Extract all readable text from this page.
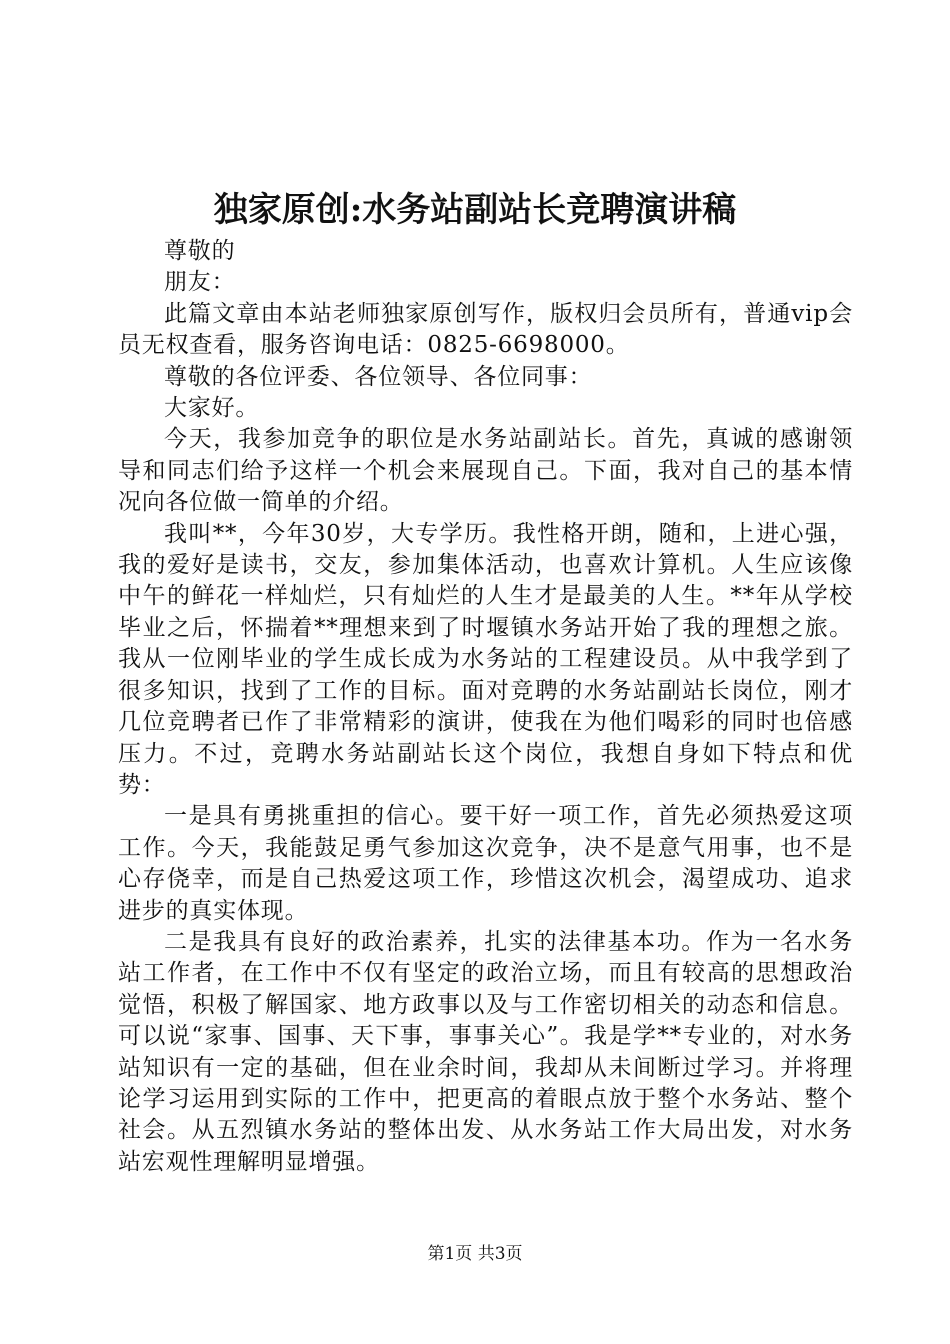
独家原创:水务站副站长竞聘演讲稿

尊敬的

朋友：

此篇文章由本站老师独家原创写作，版权归会员所有，普通vip会员无权查看，服务咨询电话：0825-6698000。

尊敬的各位评委、各位领导、各位同事：

大家好。

今天，我参加竞争的职位是水务站副站长。首先，真诚的感谢领导和同志们给予这样一个机会来展现自己。下面，我对自己的基本情况向各位做一简单的介绍。

我叫**，今年30岁，大专学历。我性格开朗，随和，上进心强，我的爱好是读书，交友，参加集体活动，也喜欢计算机。人生应该像中午的鲜花一样灿烂，只有灿烂的人生才是最美的人生。**年从学校毕业之后，怀揣着**理想来到了时堰镇水务站开始了我的理想之旅。我从一位刚毕业的学生成长成为水务站的工程建设员。从中我学到了很多知识，找到了工作的目标。面对竞聘的水务站副站长岗位，刚才几位竞聘者已作了非常精彩的演讲，使我在为他们喝彩的同时也倍感压力。不过，竞聘水务站副站长这个岗位，我想自身如下特点和优势：

一是具有勇挑重担的信心。要干好一项工作，首先必须热爱这项工作。今天，我能鼓足勇气参加这次竞争，决不是意气用事，也不是心存侥幸，而是自己热爱这项工作，珍惜这次机会，渴望成功、追求进步的真实体现。

二是我具有良好的政治素养，扎实的法律基本功。作为一名水务站工作者，在工作中不仅有坚定的政治立场，而且有较高的思想政治觉悟，积极了解国家、地方政事以及与工作密切相关的动态和信息。可以说“家事、国事、天下事，事事关心”。我是学**专业的，对水务站知识有一定的基础，但在业余时间，我却从未间断过学习。并将理论学习运用到实际的工作中，把更高的着眼点放于整个水务站、整个社会。从五烈镇水务站的整体出发、从水务站工作大局出发，对水务站宏观性理解明显增强。

第1页 共3页
